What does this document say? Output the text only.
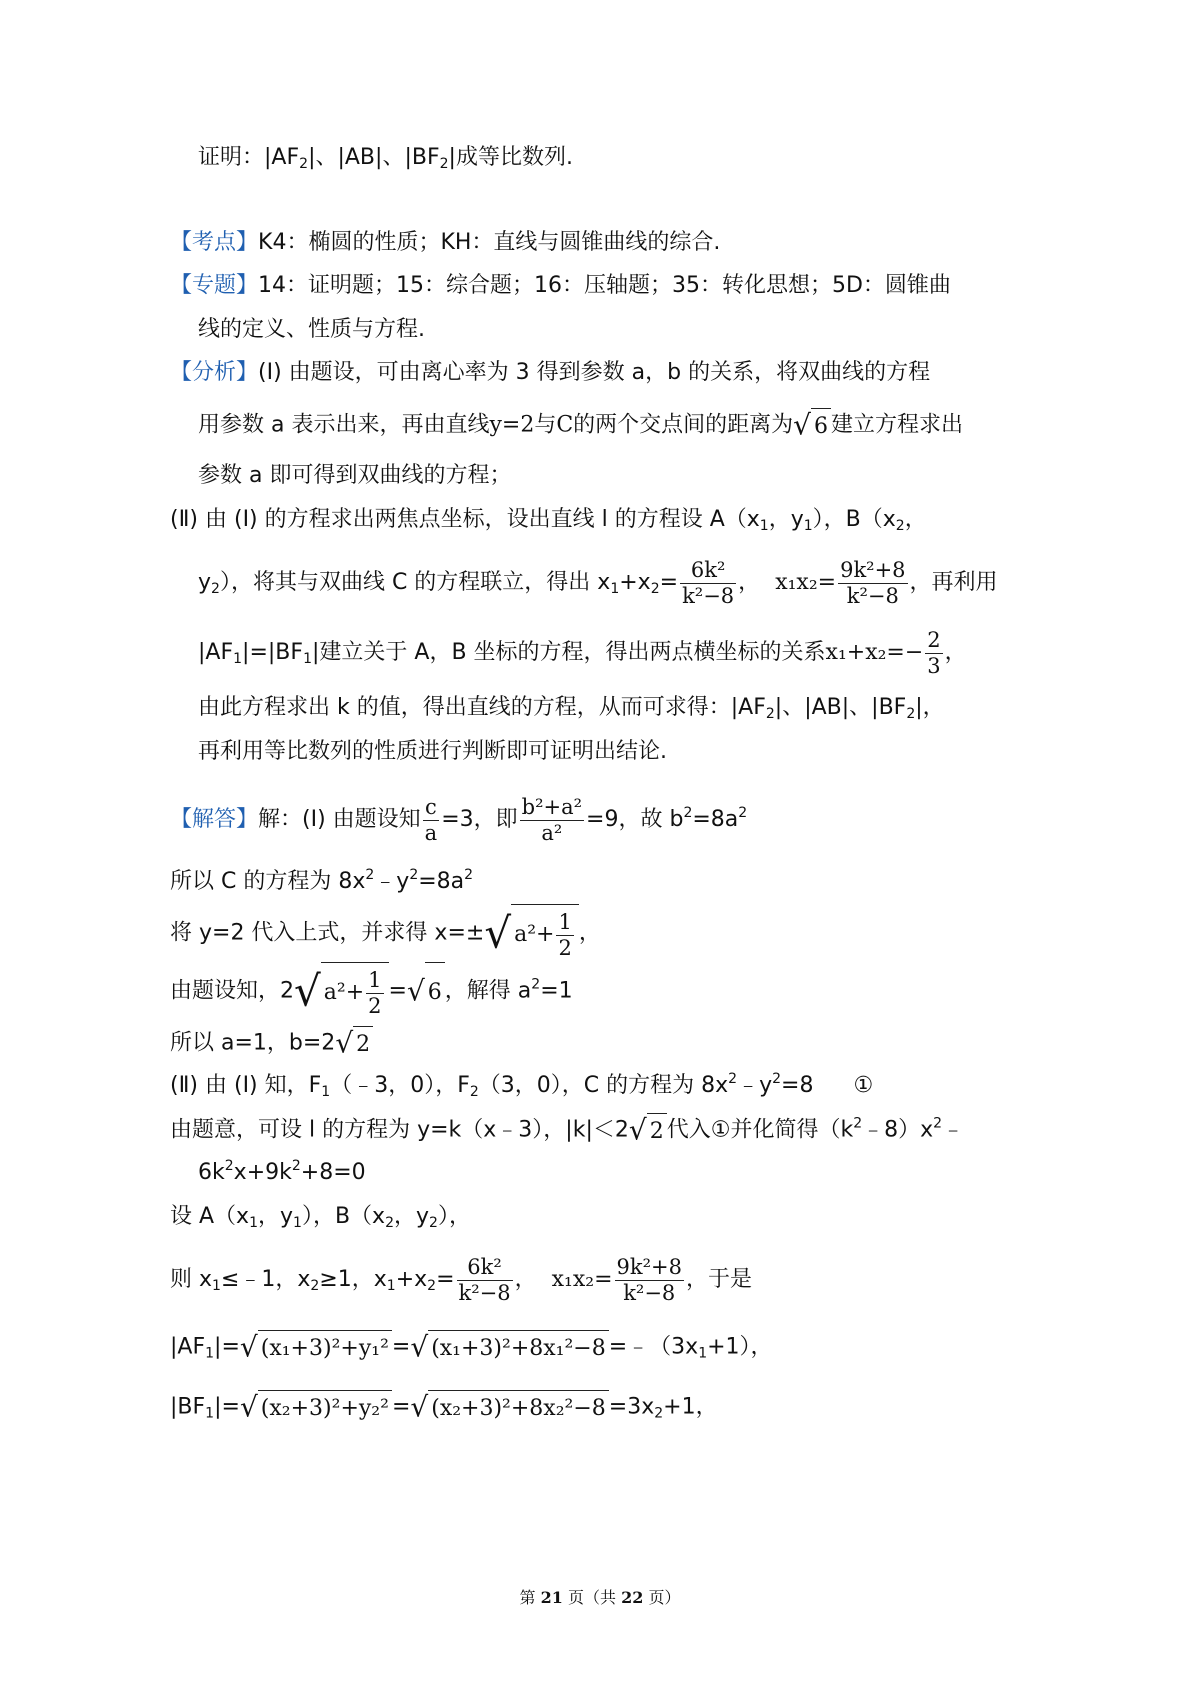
证明：$|AF_2|$、|AB|、$|BF_2|$成等比数列.
【考点】K4：椭圆的性质；KH：直线与圆锥曲线的综合.
【专题】14：证明题；15：综合题；16：压轴题；35：转化思想；5D：圆锥曲
线的定义、性质与方程.
【分析】(Ⅰ) 由题设，可由离心率为 3 得到参数 a，b 的关系，将双曲线的方程
用参数 a 表示出来，再由直线y=2与C的两个交点间的距离为√ 6 建立方程求出
参数 a 即可得到双曲线的方程；
(Ⅱ) 由 (Ⅰ) 的方程求出两焦点坐标，设出直线 l 的方程设 $A(x_1$，$y_1$），$B(x_2$，
$y_2$），将其与双曲线 C 的方程联立，得出 $x_1+x_2= \frac{\text{6k²}}{\text{k²−8}}$ ， $x_1x_2= \frac{\text{9k²+8}}{\text{k²−8}}$ ，再利用
$|AF_1|=|BF_1|$建立关于 A，B 坐标的方程，得出两点横坐标的关系$x_1+x_2=- \frac{2}{3}$ ，
由此方程求出 k 的值，得出直线的方程，从而可求得：$|AF_2|$、|AB|、$|BF_2|$，
再利用等比数列的性质进行判断即可证明出结论.
【解答】解：(Ⅰ) 由题设知 $\frac{c}{a} =3$，即 $\frac{\text{b²+a²}}{\text{a²}} =9$，故 $b^2=8a^2$
所以 C 的方程为 $8x^2﹣y^2=8a^2$
将 y=2 代入上式，并求得 x=±√ $a^2+ \frac{1}{2}$ ，
由题设知，2√ $a^2+ \frac{1}{2}$ =√ 6 ，解得 $a^2=1$
所以 a=1，b=2√ 2
(Ⅱ) 由 (Ⅰ) 知，$F_1(﹣3$，0），$F_2(3$，0），C 的方程为 $8x^2﹣y^2=8$ ①
由题意，可设 l 的方程为 y=k（x﹣3），|k|＜2√ 2 代入①并化简得$(k^2﹣8)x^2﹣$
$6k^2x+9k^2+8=0$
设 $A(x_1$，$y_1$），$B(x_2$，$y_2$），
则 $x_1\le﹣1$，$x_2\ge 1$，$x_1+x_2= \frac{\text{6k²}}{\text{k²−8}}$ ， $x_1x_2= \frac{\text{9k²+8}}{\text{k²−8}}$ ，于是
$|AF_1|=√$ (x₁+3)²+y₁² =√ $(x_1+3)^2+8x_1^2-8 =﹣(3x_1+1)$，
$|BF_1|=√$ (x₂+3)²+y₂² =√ $(x_2+3)^2+8x_2^2-8 =3x_2+1$，
第 21 页（共 22 页）
